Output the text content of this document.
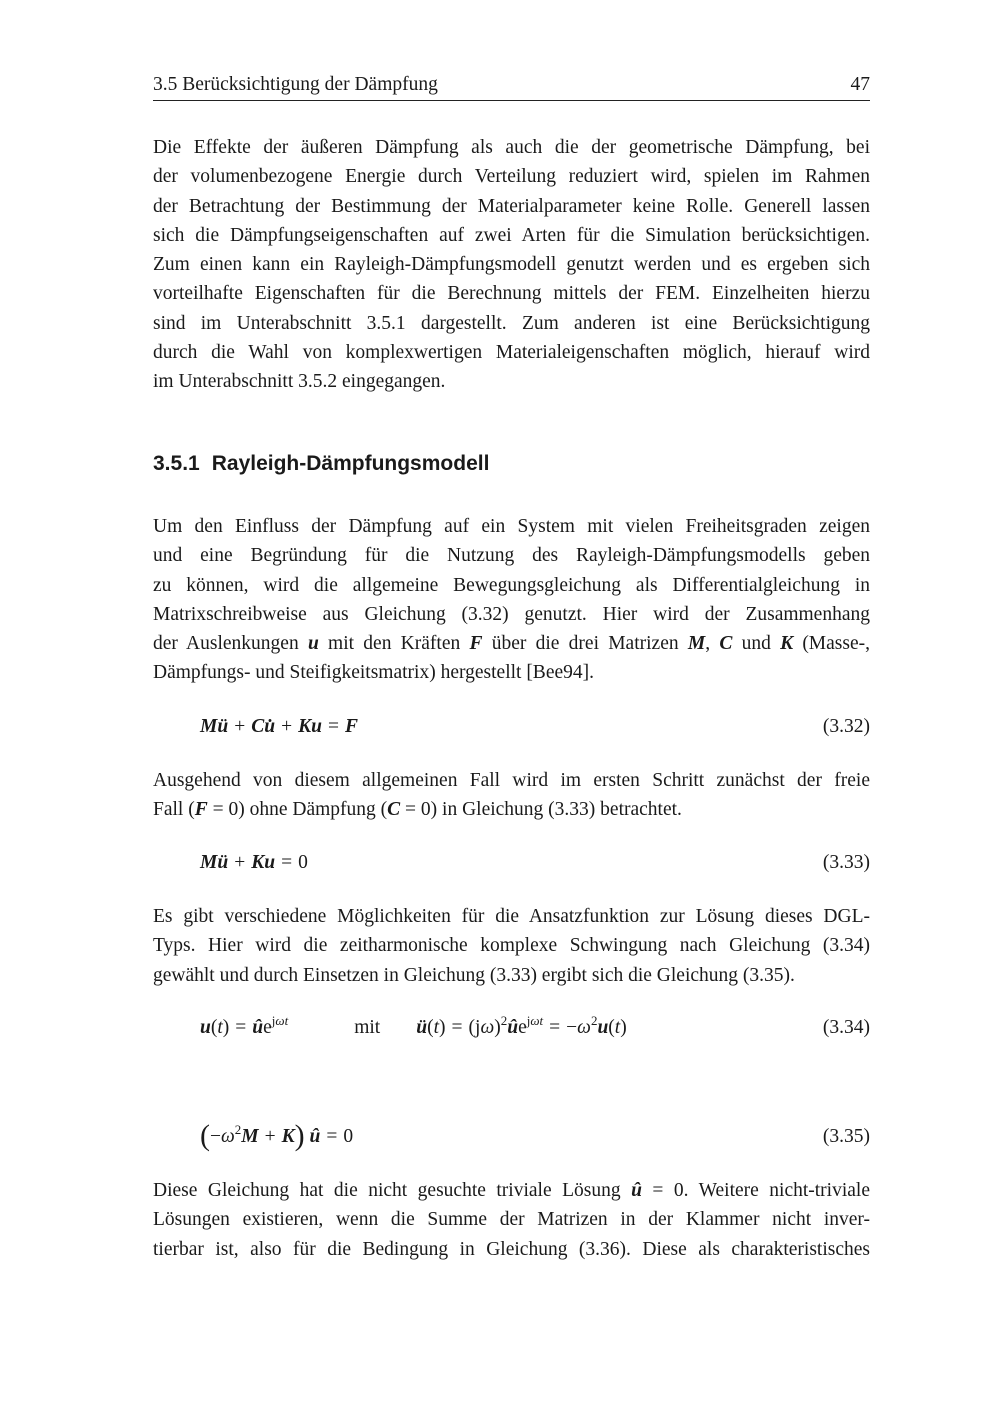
3.5 Berücksichtigung der Dämpfung	47
Die Effekte der äußeren Dämpfung als auch die der geometrische Dämpfung, bei
der volumenbezogene Energie durch Verteilung reduziert wird, spielen im Rahmen
der Betrachtung der Bestimmung der Materialparameter keine Rolle. Generell lassen
sich die Dämpfungseigenschaften auf zwei Arten für die Simulation berücksichtigen.
Zum einen kann ein Rayleigh-Dämpfungsmodell genutzt werden und es ergeben sich
vorteilhafte Eigenschaften für die Berechnung mittels der FEM. Einzelheiten hierzu
sind im Unterabschnitt 3.5.1 dargestellt. Zum anderen ist eine Berücksichtigung
durch die Wahl von komplexwertigen Materialeigenschaften möglich, hierauf wird
im Unterabschnitt 3.5.2 eingegangen.
3.5.1 Rayleigh-Dämpfungsmodell
Um den Einfluss der Dämpfung auf ein System mit vielen Freiheitsgraden zeigen
und eine Begründung für die Nutzung des Rayleigh-Dämpfungsmodells geben
zu können, wird die allgemeine Bewegungsgleichung als Differentialgleichung in
Matrixschreibweise aus Gleichung (3.32) genutzt. Hier wird der Zusammenhang
der Auslenkungen u mit den Kräften F über die drei Matrizen M, C und K (Masse-,
Dämpfungs- und Steifigkeitsmatrix) hergestellt [Bee94].
Mü + Cu̇ + Ku = F	(3.32)
Ausgehend von diesem allgemeinen Fall wird im ersten Schritt zunächst der freie
Fall (F = 0) ohne Dämpfung (C = 0) in Gleichung (3.33) betrachtet.
Mü + Ku = 0	(3.33)
Es gibt verschiedene Möglichkeiten für die Ansatzfunktion zur Lösung dieses DGL-
Typs. Hier wird die zeitharmonische komplexe Schwingung nach Gleichung (3.34)
gewählt und durch Einsetzen in Gleichung (3.33) ergibt sich die Gleichung (3.35).
$u(t) = ûe^{j\omega t}$	mit ü(t) = $(j\omega)^2ûe^{j\omega t} = -\omega^2u(t)$	(3.34)
$(-\omega^2M + K)$ û = 0	(3.35)
Diese Gleichung hat die nicht gesuchte triviale Lösung û = 0. Weitere nicht-triviale
Lösungen existieren, wenn die Summe der Matrizen in der Klammer nicht inver-
tierbar ist, also für die Bedingung in Gleichung (3.36). Diese als charakteristisches
